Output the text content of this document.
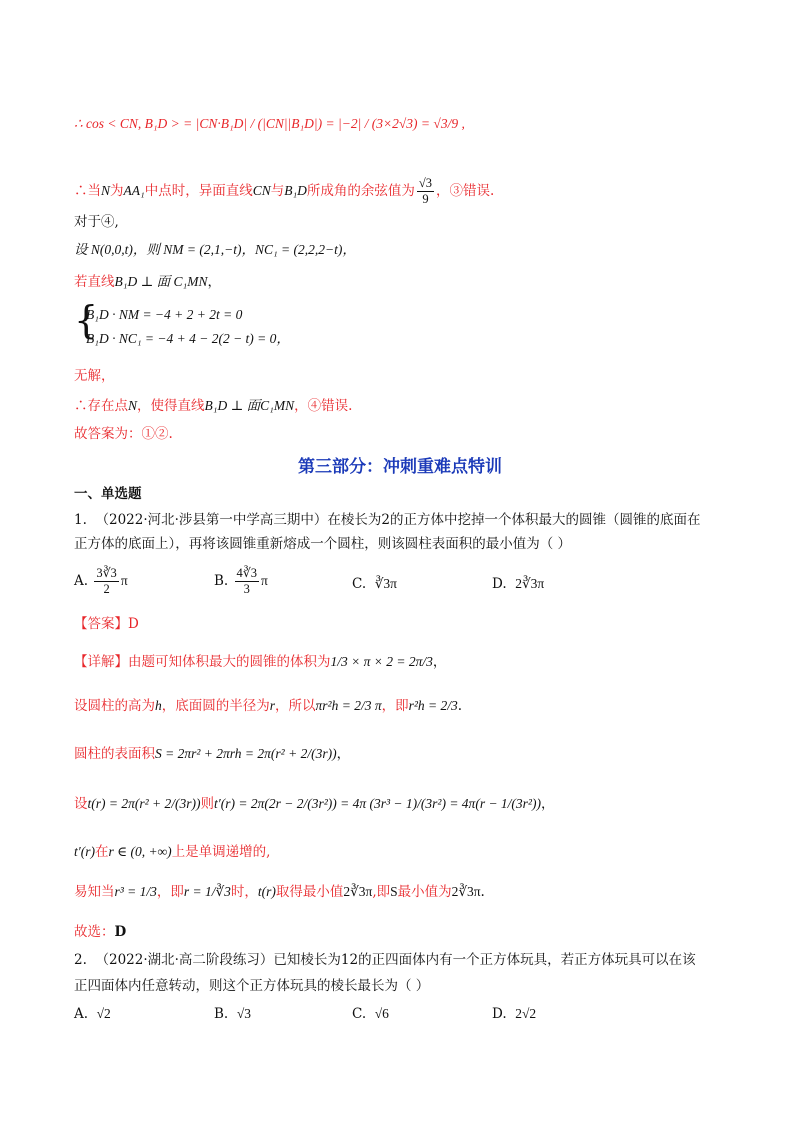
∴ cos < CN, B₁D > = |CN·B₁D| / (|CN||B₁D|) = |−2| / (3×2√3) = √3/9 ,
∴当N为AA₁中点时，异面直线CN与B₁D所成角的余弦值为 $\frac{√3}{9}$ ，③错误.
对于④,
设 N(0,0,t)，则 NM = (2,1,−t)，NC₁ = (2,2,2−t)，
若直线B₁D ⊥ 面 C₁MN，
{
B₁D · NM = −4 + 2 + 2t = 0
B₁D · NC₁ = −4 + 4 − 2(2 − t) = 0，
无解，
∴存在点N，使得直线B₁D ⊥ 面C₁MN，④错误.
故答案为：①②.
第三部分：冲刺重难点特训
一、单选题
1. （2022·河北·涉县第一中学高三期中）在棱长为2的正方体中挖掉一个体积最大的圆锥（圆锥的底面在
正方体的底面上），再将该圆锥重新熔成一个圆柱，则该圆柱表面积的最小值为（ ）
A. $\frac{3∛3}{2}$ π	B. $\frac{4∛3}{3}$ π	C. ∛3π	D. 2∛3π
【答案】D
【详解】由题可知体积最大的圆锥的体积为1/3 × π × 2 = 2π/3，
设圆柱的高为h，底面圆的半径为r，所以πr²h = 2/3 π，即r²h = 2/3.
圆柱的表面积S = 2πr² + 2πrh = 2π(r² + 2/(3r))，
设t(r) = 2π(r² + 2/(3r))则t′(r) = 2π(2r − 2/(3r²)) = 4π (3r³ − 1)/(3r²) = 4π(r − 1/(3r²))，
t′(r)在r ∈ (0, +∞)上是单调递增的,
易知当r³ = 1/3，即r = 1/∛3时，t(r)取得最小值2∛3π,即S最小值为2∛3π.
故选：D
2. （2022·湖北·高二阶段练习）已知棱长为12的正四面体内有一个正方体玩具，若正方体玩具可以在该
正四面体内任意转动，则这个正方体玩具的棱长最长为（ ）
A. √2	B. √3	C. √6	D. 2√2
